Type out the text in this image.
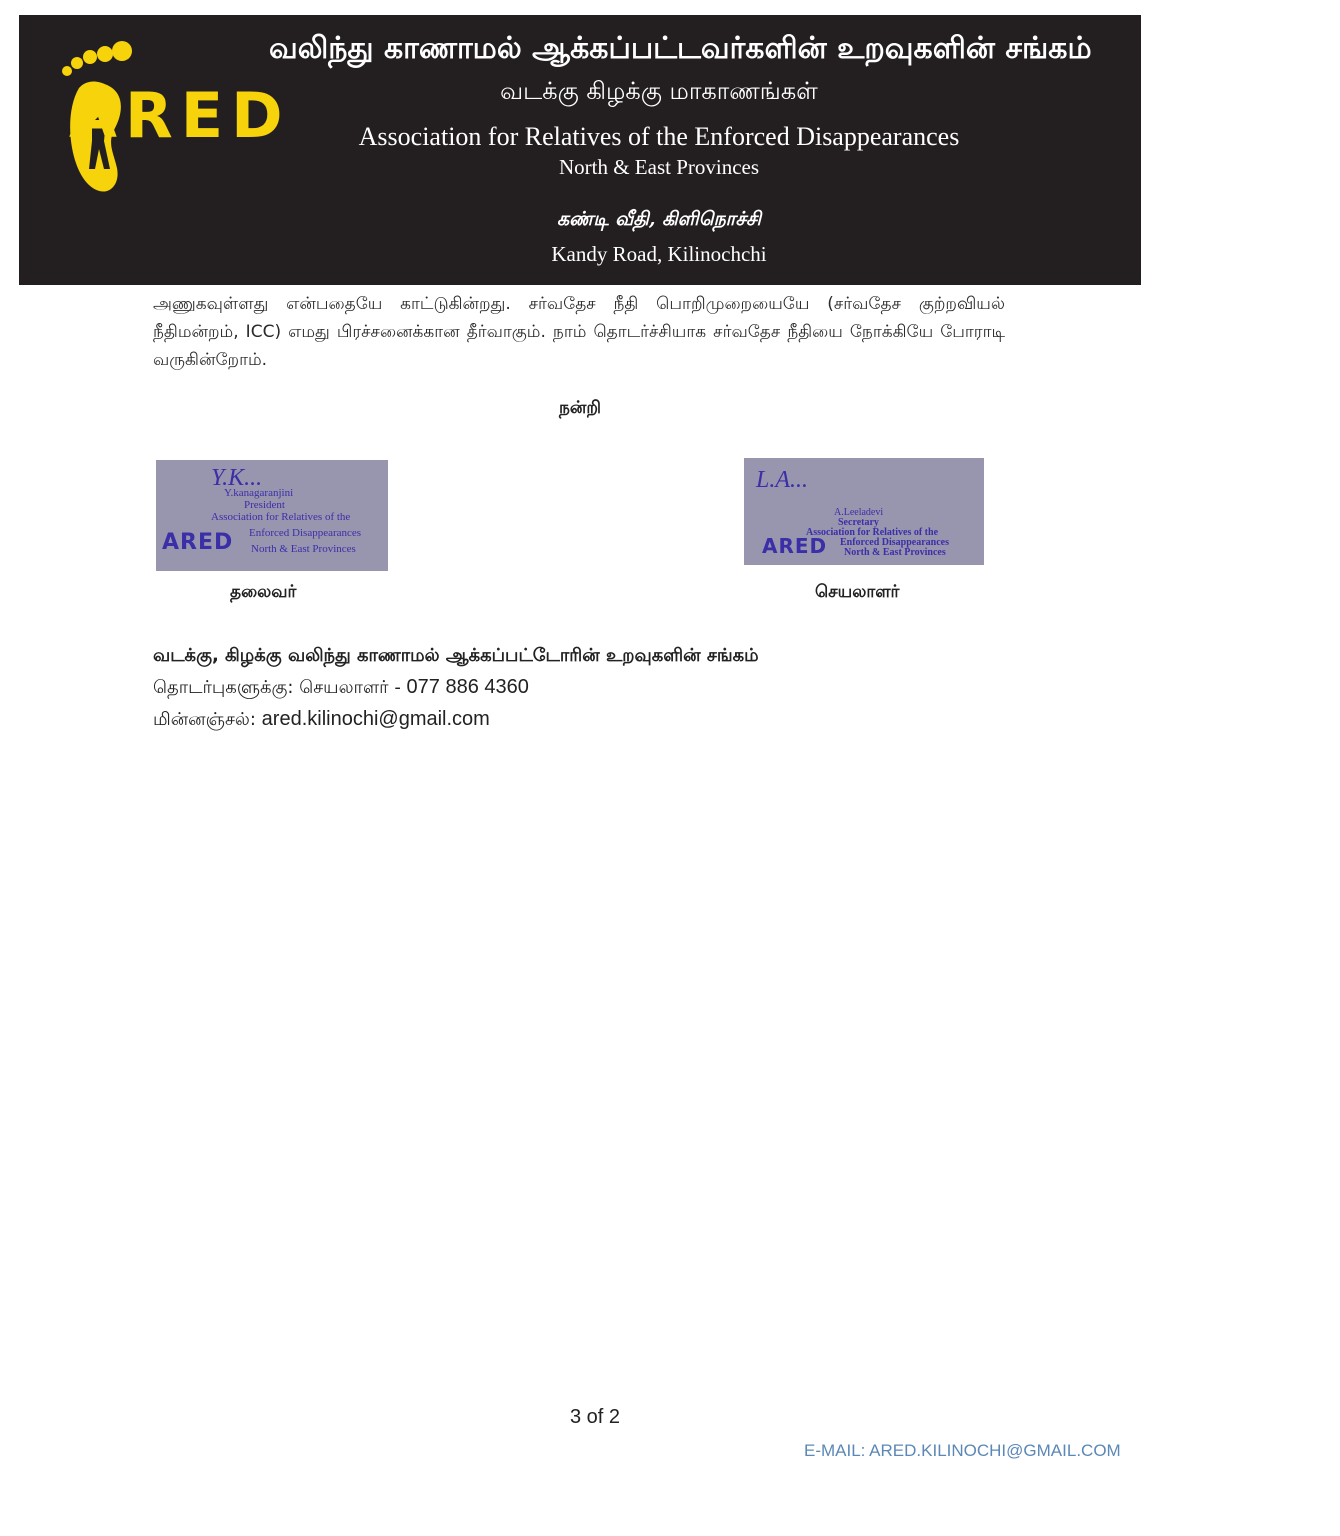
ARED
வலிந்து காணாமல் ஆக்கப்பட்டவர்களின் உறவுகளின் சங்கம்
வடக்கு கிழக்கு மாகாணங்கள்
Association for Relatives of the Enforced Disappearances
North & East Provinces
கண்டி வீதி, கிளிநொச்சி
Kandy Road, Kilinochchi
அணுகவுள்ளது என்பதையே காட்டுகின்றது. சர்வதேச நீதி பொறிமுறையையே (சர்வதேச குற்றவியல் நீதிமன்றம், ICC) எமது பிரச்சனைக்கான தீர்வாகும். நாம் தொடர்ச்சியாக சர்வதேச நீதியை நோக்கியே போராடி வருகின்றோம்.
நன்றி
Y.K...
Y.kanagaranjini
President
Association for Relatives of the
Enforced Disappearances
North & East Provinces
ARED
தலைவர்
L.A...
A.Leeladevi
Secretary
Association for Relatives of the
Enforced Disappearances
North & East Provinces
ARED
செயலாளர்
வடக்கு, கிழக்கு வலிந்து காணாமல் ஆக்கப்பட்டோரின் உறவுகளின் சங்கம்
தொடர்புகளுக்கு: செயலாளர் - 077 886 4360
மின்னஞ்சல்: ared.kilinochi@gmail.com
3 of 2
E-MAIL: ARED.KILINOCHI@GMAIL.COM
